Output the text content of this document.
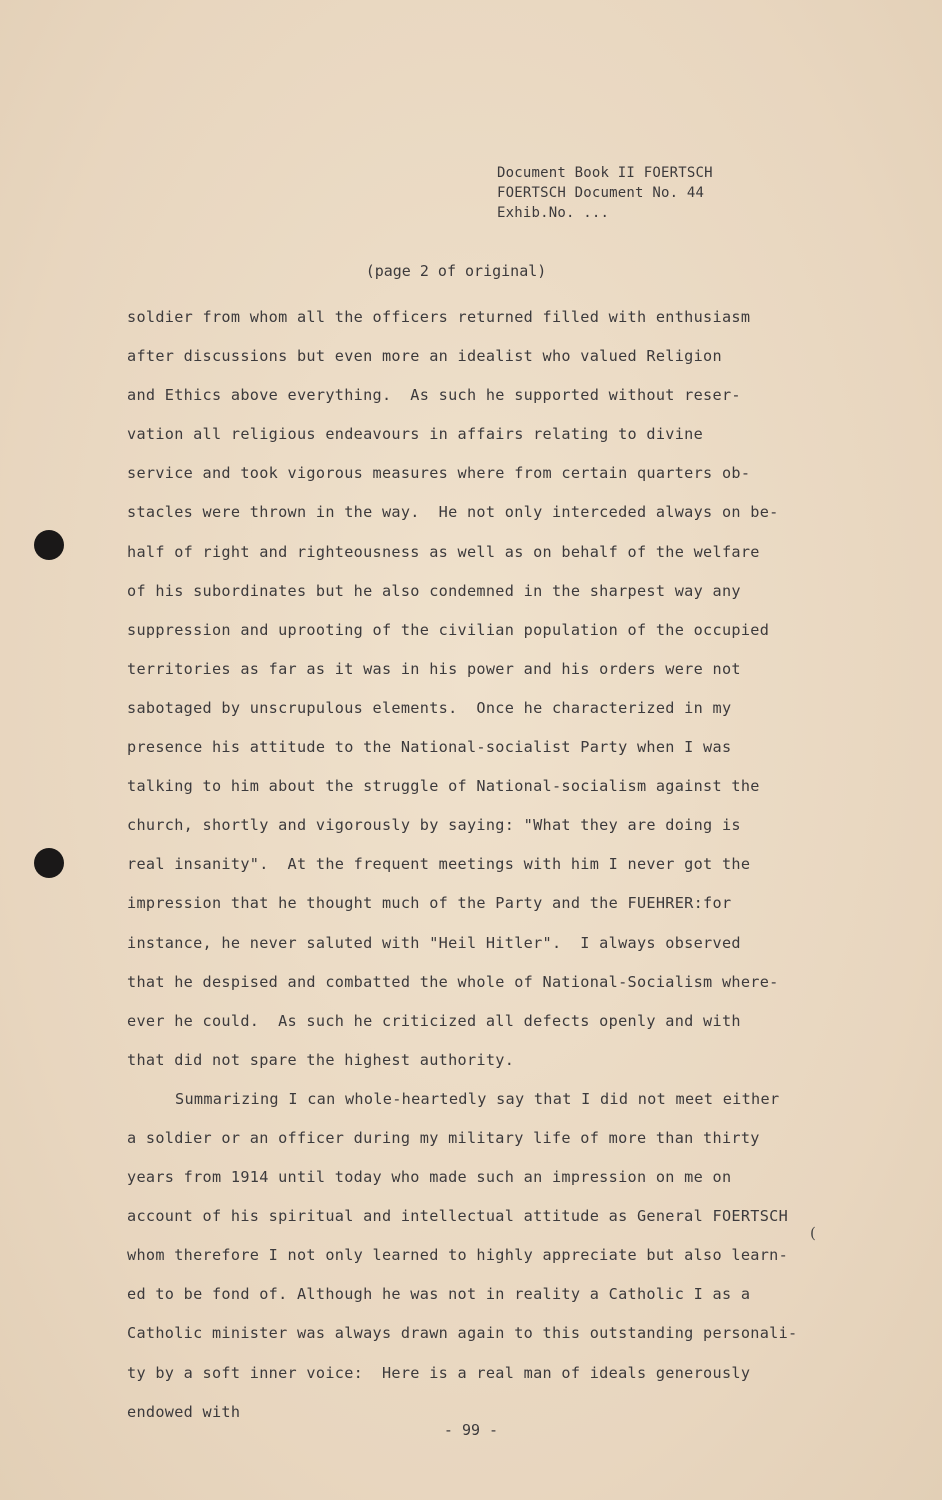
Document Book II FOERTSCH
FOERTSCH Document No. 44
Exhib.No. ...
(page 2 of original)
soldier from whom all the officers returned filled with enthusiasm
after discussions but even more an idealist who valued Religion
and Ethics above everything.  As such he supported without reser-
vation all religious endeavours in affairs relating to divine
service and took vigorous measures where from certain quarters ob-
stacles were thrown in the way.  He not only interceded always on be-
half of right and righteousness as well as on behalf of the welfare
of his subordinates but he also condemned in the sharpest way any
suppression and uprooting of the civilian population of the occupied
territories as far as it was in his power and his orders were not
sabotaged by unscrupulous elements.  Once he characterized in my
presence his attitude to the National-socialist Party when I was
talking to him about the struggle of National-socialism against the
church, shortly and vigorously by saying: "What they are doing is
real insanity".  At the frequent meetings with him I never got the
impression that he thought much of the Party and the FUEHRER:for
instance, he never saluted with "Heil Hitler".  I always observed
that he despised and combatted the whole of National-Socialism where-
ever he could.  As such he criticized all defects openly and with
that did not spare the highest authority.
Summarizing I can whole-heartedly say that I did not meet either
a soldier or an officer during my military life of more than thirty
years from 1914 until today who made such an impression on me on
account of his spiritual and intellectual attitude as General FOERTSCH
whom therefore I not only learned to highly appreciate but also learn-
ed to be fond of. Although he was not in reality a Catholic I as a
Catholic minister was always drawn again to this outstanding personali-
ty by a soft inner voice:  Here is a real man of ideals generously
endowed with
(
- 99 -
